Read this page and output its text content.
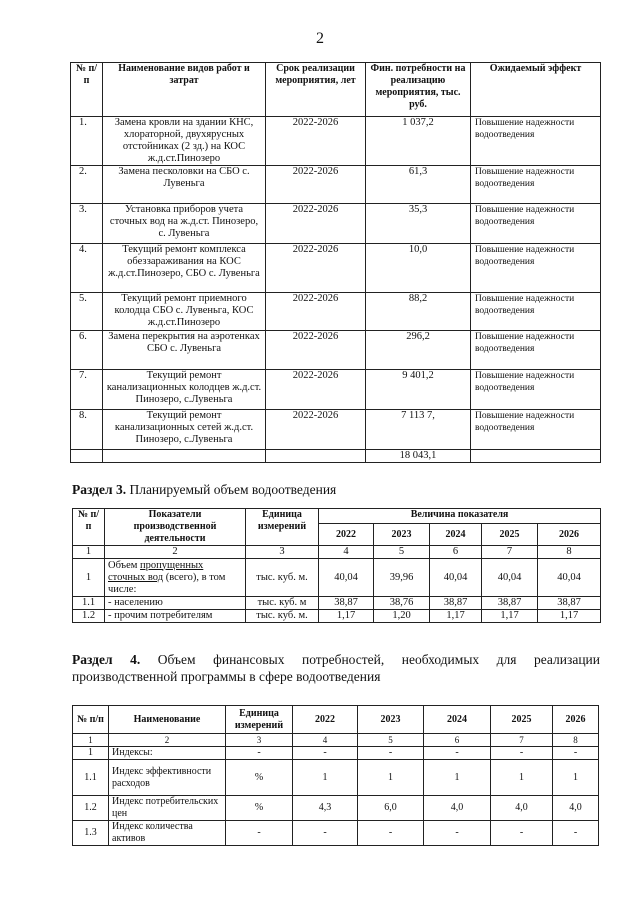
2
№ п/п	Наименование видов работ и затрат	Срок реализации мероприятия, лет	Фин. потребности на реализацию мероприятия, тыс. руб.	Ожидаемый эффект
1.	Замена кровли на здании КНС, хлораторной, двухярусных отстойниках (2 зд.) на КОС ж.д.ст.Пинозеро	2022-2026	1 037,2	Повышение надежности водоотведения
2.	Замена песколовки на СБО с. Лувеньга	2022-2026	61,3	Повышение надежности водоотведения
3.	Установка приборов учета сточных вод на ж.д.ст. Пинозеро, с. Лувеньга	2022-2026	35,3	Повышение надежности водоотведения
4.	Текущий ремонт комплекса обеззараживания на КОС ж.д.ст.Пинозеро, СБО с. Лувеньга	2022-2026	10,0	Повышение надежности водоотведения
5.	Текущий ремонт приемного колодца СБО с. Лувеньга, КОС ж.д.ст.Пинозеро	2022-2026	88,2	Повышение надежности водоотведения
6.	Замена перекрытия на аэротенках СБО с. Лувеньга	2022-2026	296,2	Повышение надежности водоотведения
7.	Текущий ремонт канализационных колодцев ж.д.ст. Пинозеро, с.Лувеньга	2022-2026	9 401,2	Повышение надежности водоотведения
8.	Текущий ремонт канализационных сетей ж.д.ст. Пинозеро, с.Лувеньга	2022-2026	7 113 7,	Повышение надежности водоотведения
			18 043,1	
Раздел 3. Планируемый объем водоотведения
№ п/п	Показатели производственной деятельности	Единица измерений	Величина показателя				
			2022	2023	2024	2025	2026
1	2	3	4	5	6	7	8
1	Объем пропущенных сточных вод (всего), в том числе:	тыс. куб. м.	40,04	39,96	40,04	40,04	40,04
1.1	- населению	тыс. куб. м	38,87	38,76	38,87	38,87	38,87
1.2	- прочим потребителям	тыс. куб. м.	1,17	1,20	1,17	1,17	1,17
Раздел 4. Объем финансовых потребностей, необходимых для реализации
производственной программы в сфере водоотведения
№ п/п	Наименование	Единица измерений	2022	2023	2024	2025	2026
1	2	3	4	5	6	7	8
1	Индексы:	-	-	-	-	-	-
1.1	Индекс эффективности расходов	%	1	1	1	1	1
1.2	Индекс потребительских цен	%	4,3	6,0	4,0	4,0	4,0
1.3	Индекс количества активов	-	-	-	-	-	-
